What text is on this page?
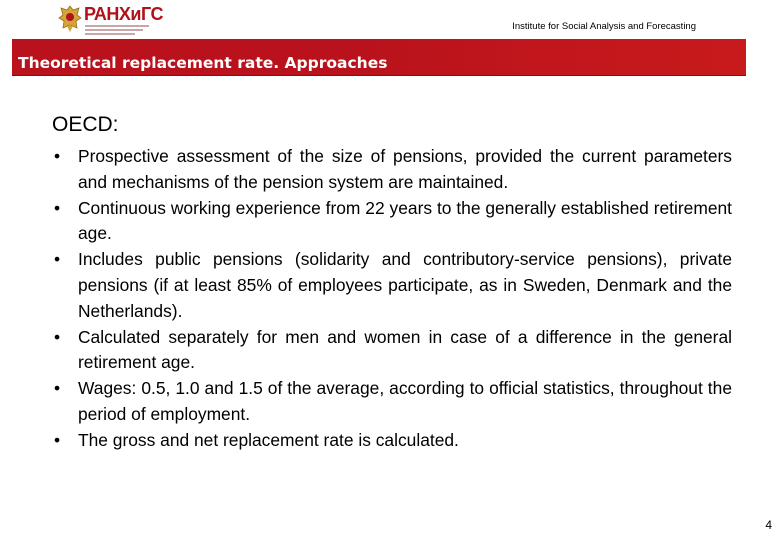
РАНХиГС
Institute for Social Analysis and Forecasting
Theoretical replacement rate. Approaches
OECD:
• Prospective assessment of the size of pensions, provided the current parameters and mechanisms of the pension system are maintained.
• Continuous working experience from 22 years to the generally established retirement age.
• Includes public pensions (solidarity and contributory-service pensions), private pensions (if at least 85% of employees participate, as in Sweden, Denmark and the Netherlands).
• Calculated separately for men and women in case of a difference in the general retirement age.
• Wages: 0.5, 1.0 and 1.5 of the average, according to official statistics, throughout the period of employment.
• The gross and net replacement rate is calculated.
4
